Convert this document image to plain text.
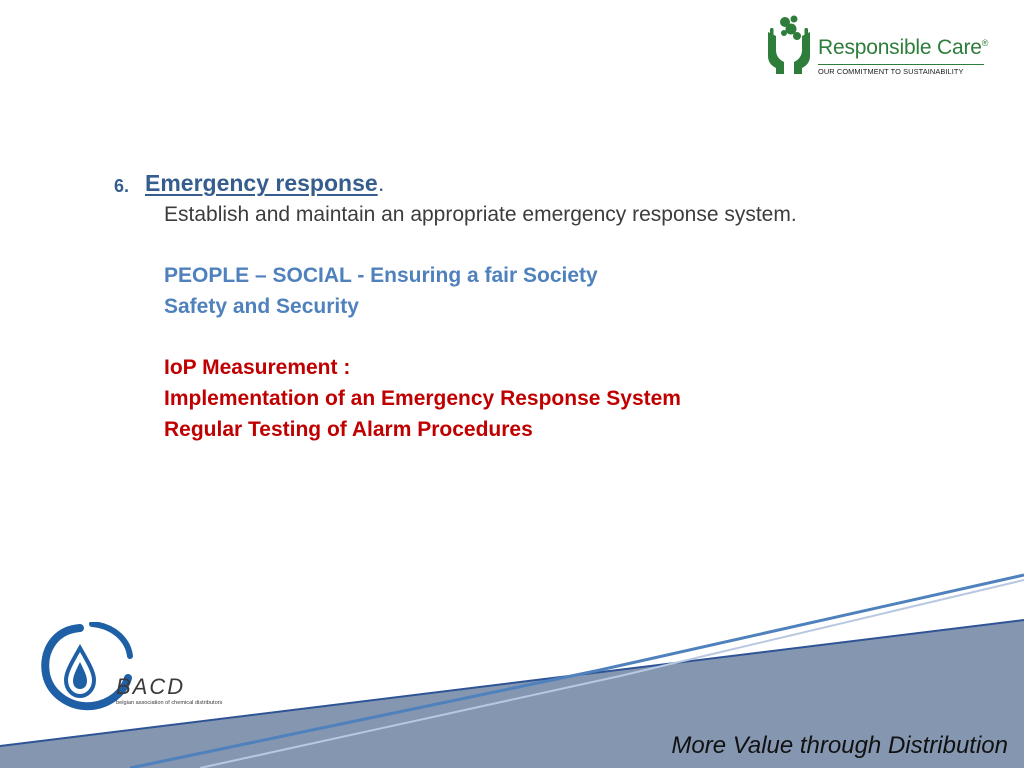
Responsible Care®
OUR COMMITMENT TO SUSTAINABILITY
6. Emergency response .
Establish and maintain an appropriate emergency response system.
PEOPLE – SOCIAL - Ensuring a fair Society
Safety and Security
IoP Measurement :
Implementation of an Emergency Response System
Regular Testing of Alarm Procedures
BACD
belgian association of chemical distributors
More Value through Distribution
